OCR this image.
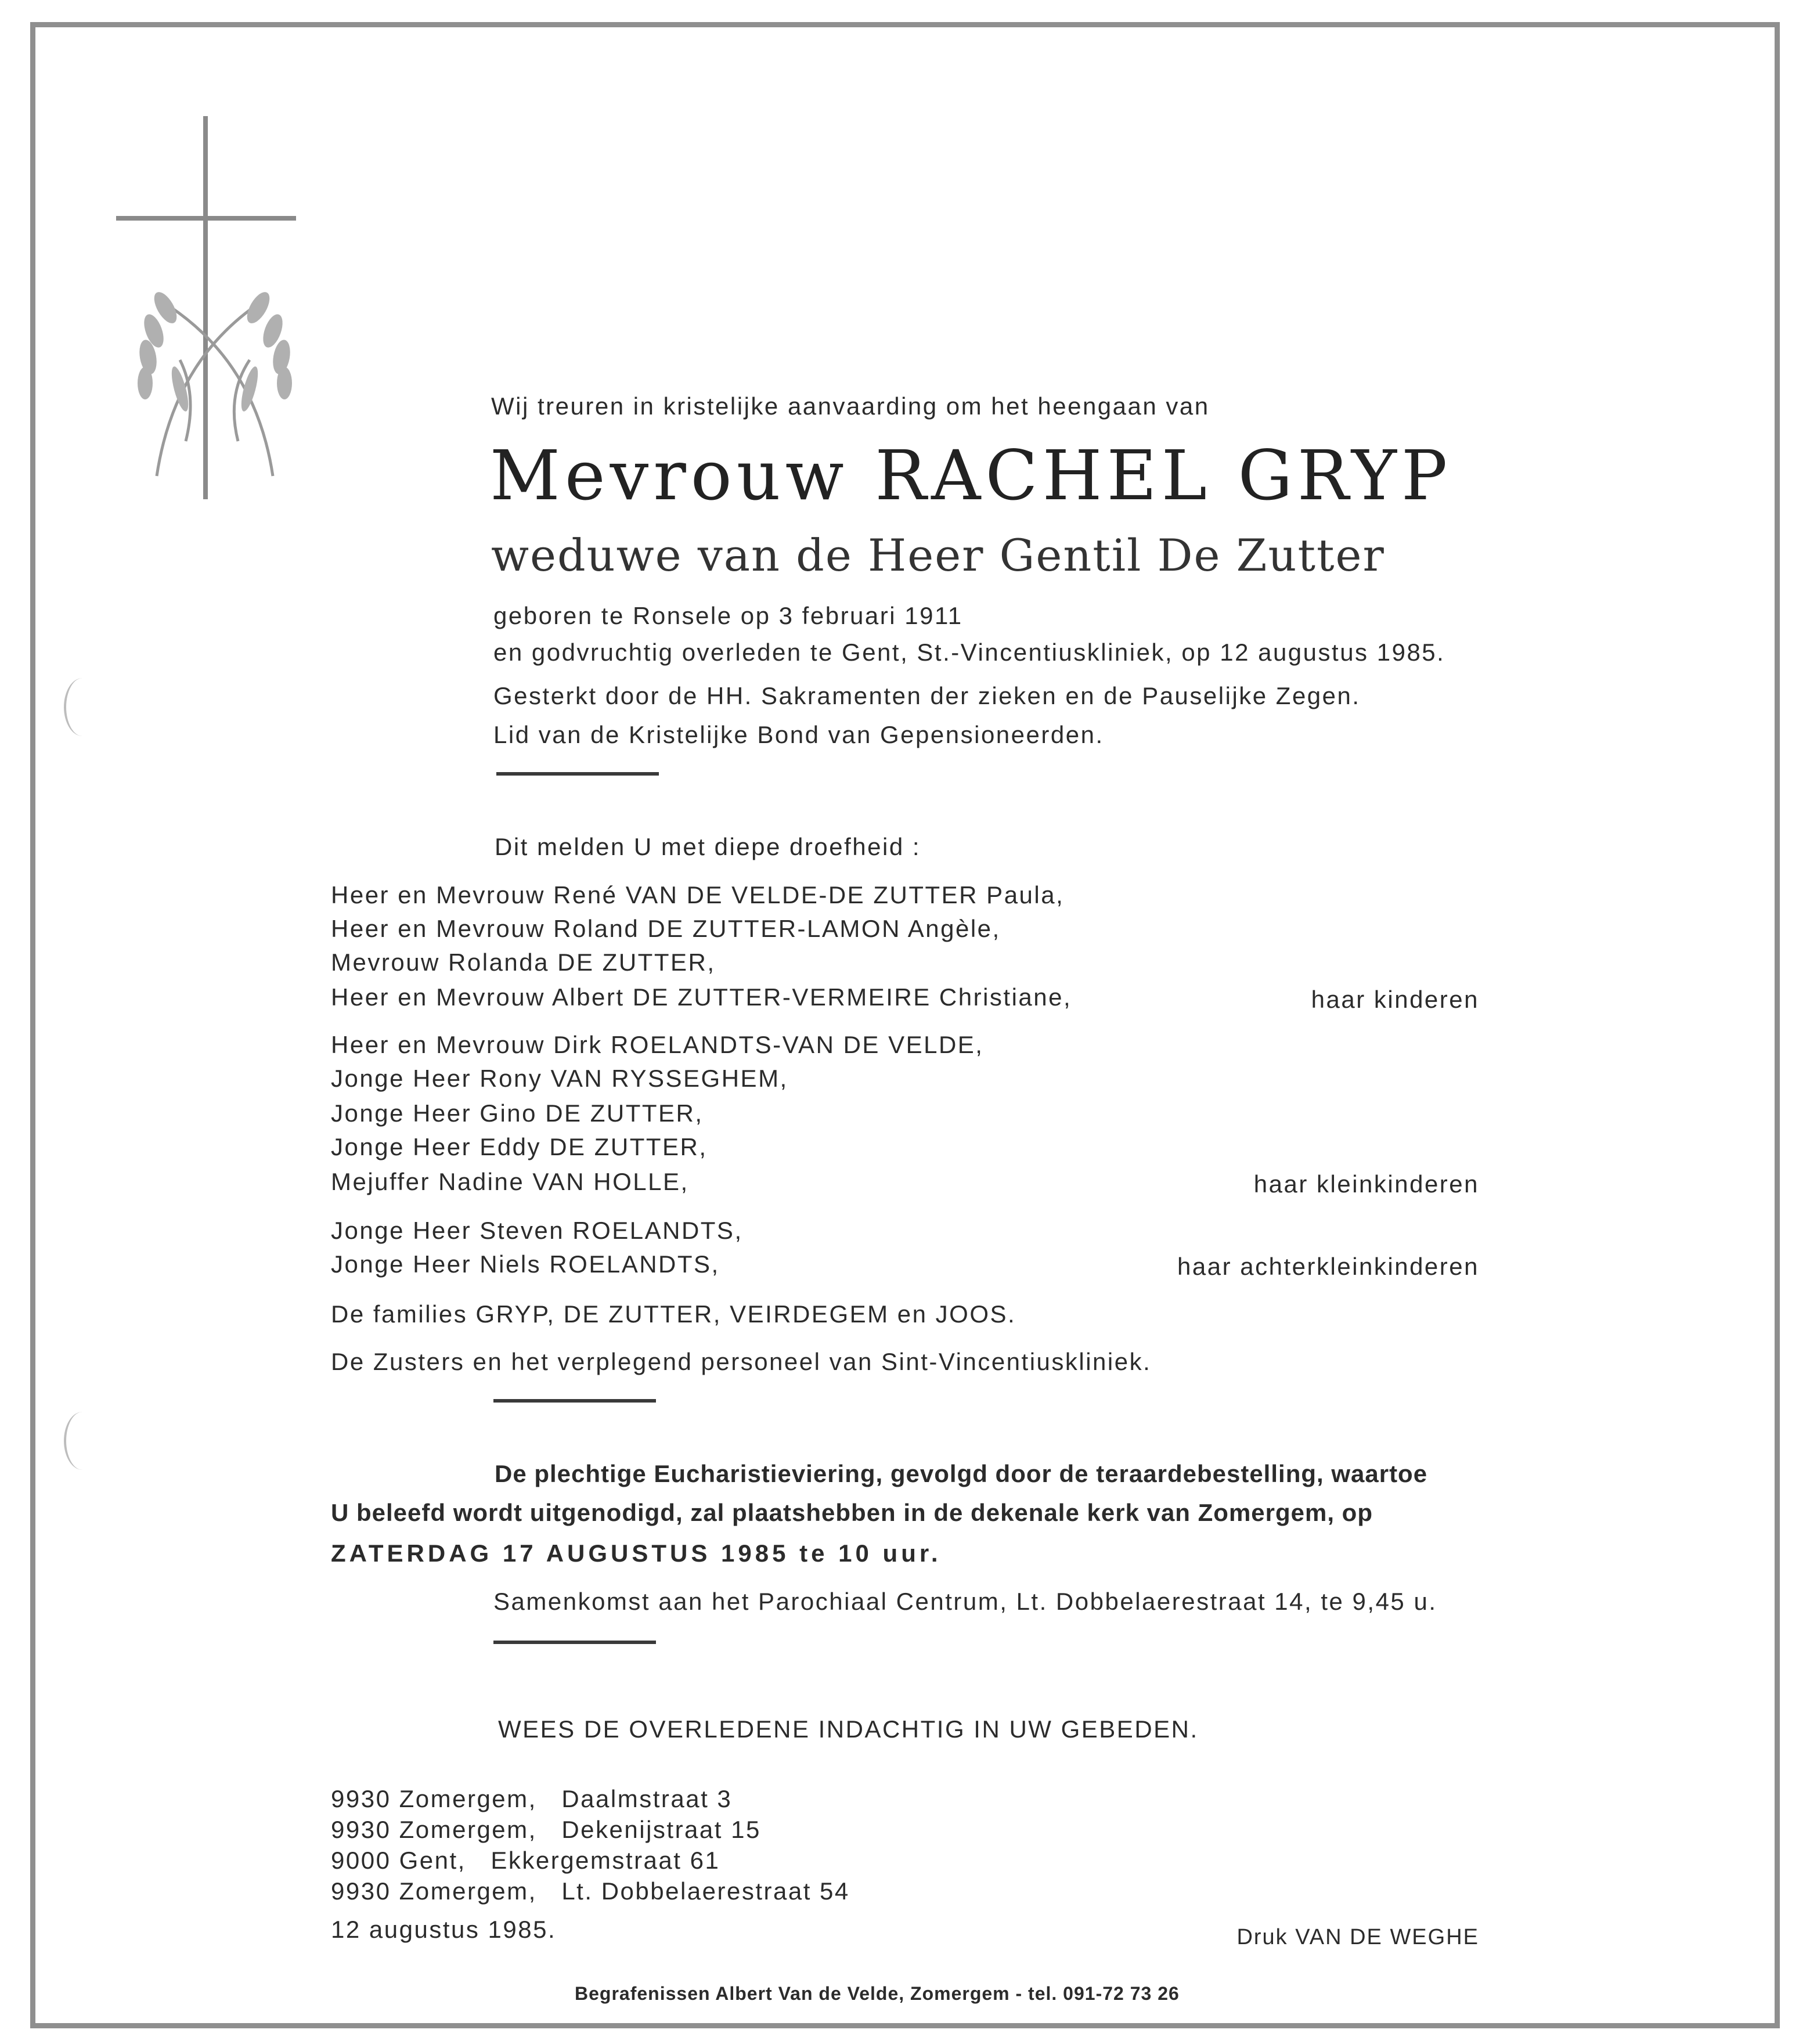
Wij treuren in kristelijke aanvaarding om het heengaan van
Mevrouw RACHEL GRYP
weduwe van de Heer Gentil De Zutter
geboren te Ronsele op 3 februari 1911
en godvruchtig overleden te Gent, St.-Vincentiuskliniek, op 12 augustus 1985.
Gesterkt door de HH. Sakramenten der zieken en de Pauselijke Zegen.
Lid van de Kristelijke Bond van Gepensioneerden.
Dit melden U met diepe droefheid :
Heer en Mevrouw René VAN DE VELDE-DE ZUTTER Paula,
Heer en Mevrouw Roland DE ZUTTER-LAMON Angèle,
Mevrouw Rolanda DE ZUTTER,
Heer en Mevrouw Albert DE ZUTTER-VERMEIRE Christiane,	haar kinderen
Heer en Mevrouw Dirk ROELANDTS-VAN DE VELDE,
Jonge Heer Rony VAN RYSSEGHEM,
Jonge Heer Gino DE ZUTTER,
Jonge Heer Eddy DE ZUTTER,
Mejuffer Nadine VAN HOLLE,	haar kleinkinderen
Jonge Heer Steven ROELANDTS,
Jonge Heer Niels ROELANDTS,	haar achterkleinkinderen
De families GRYP, DE ZUTTER, VEIRDEGEM en JOOS.
De Zusters en het verplegend personeel van Sint-Vincentiuskliniek.
De plechtige Eucharistieviering, gevolgd door de teraardebestelling, waartoe
U beleefd wordt uitgenodigd, zal plaatshebben in de dekenale kerk van Zomergem, op
ZATERDAG 17 AUGUSTUS 1985 te 10 uur.
Samenkomst aan het Parochiaal Centrum, Lt. Dobbelaerestraat 14, te 9,45 u.
WEES DE OVERLEDENE INDACHTIG IN UW GEBEDEN.
9930 Zomergem,   Daalmstraat 3
9930 Zomergem,   Dekenijstraat 15
9000 Gent,   Ekkergemstraat 61
9930 Zomergem,   Lt. Dobbelaerestraat 54
12 augustus 1985.	Druk VAN DE WEGHE
Begrafenissen Albert Van de Velde, Zomergem - tel. 091-72 73 26
